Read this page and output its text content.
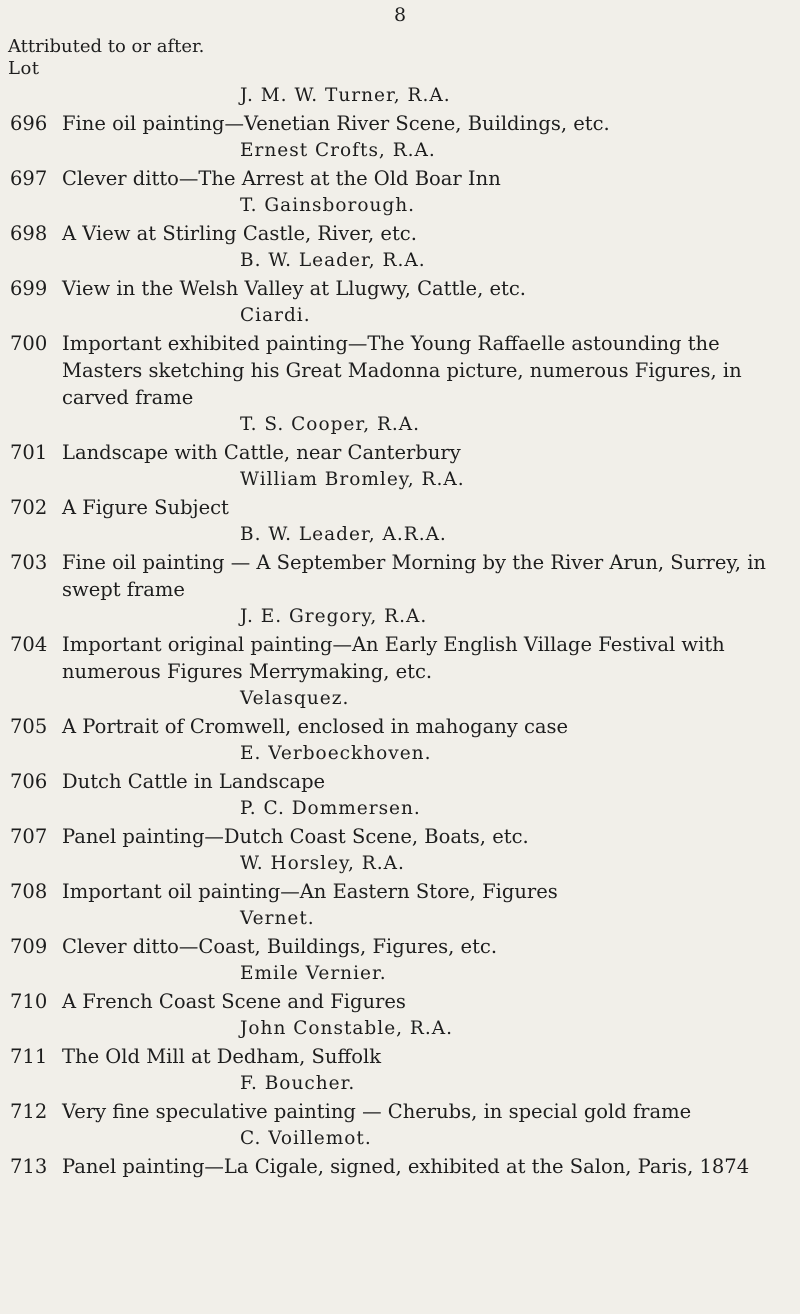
8
Attributed to or after.
Lot
J. M. W. Turner, R.A.
696 Fine oil painting—Venetian River Scene, Buildings, etc.
Ernest Crofts, R.A.
697 Clever ditto—The Arrest at the Old Boar Inn
T. Gainsborough.
698 A View at Stirling Castle, River, etc.
B. W. Leader, R.A.
699 View in the Welsh Valley at Llugwy, Cattle, etc.
Ciardi.
700 Important exhibited painting—The Young Raffaelle astounding the Masters sketching his Great Madonna picture, numerous Figures, in carved frame
T. S. Cooper, R.A.
701 Landscape with Cattle, near Canterbury
William Bromley, R.A.
702 A Figure Subject
B. W. Leader, A.R.A.
703 Fine oil painting — A September Morning by the River Arun, Surrey, in swept frame
J. E. Gregory, R.A.
704 Important original painting—An Early English Village Festival with numerous Figures Merrymaking, etc.
Velasquez.
705 A Portrait of Cromwell, enclosed in mahogany case
E. Verboeckhoven.
706 Dutch Cattle in Landscape
P. C. Dommersen.
707 Panel painting—Dutch Coast Scene, Boats, etc.
W. Horsley, R.A.
708 Important oil painting—An Eastern Store, Figures
Vernet.
709 Clever ditto—Coast, Buildings, Figures, etc.
Emile Vernier.
710 A French Coast Scene and Figures
John Constable, R.A.
711 The Old Mill at Dedham, Suffolk
F. Boucher.
712 Very fine speculative painting — Cherubs, in special gold frame
C. Voillemot.
713 Panel painting—La Cigale, signed, exhibited at the Salon, Paris, 1874
